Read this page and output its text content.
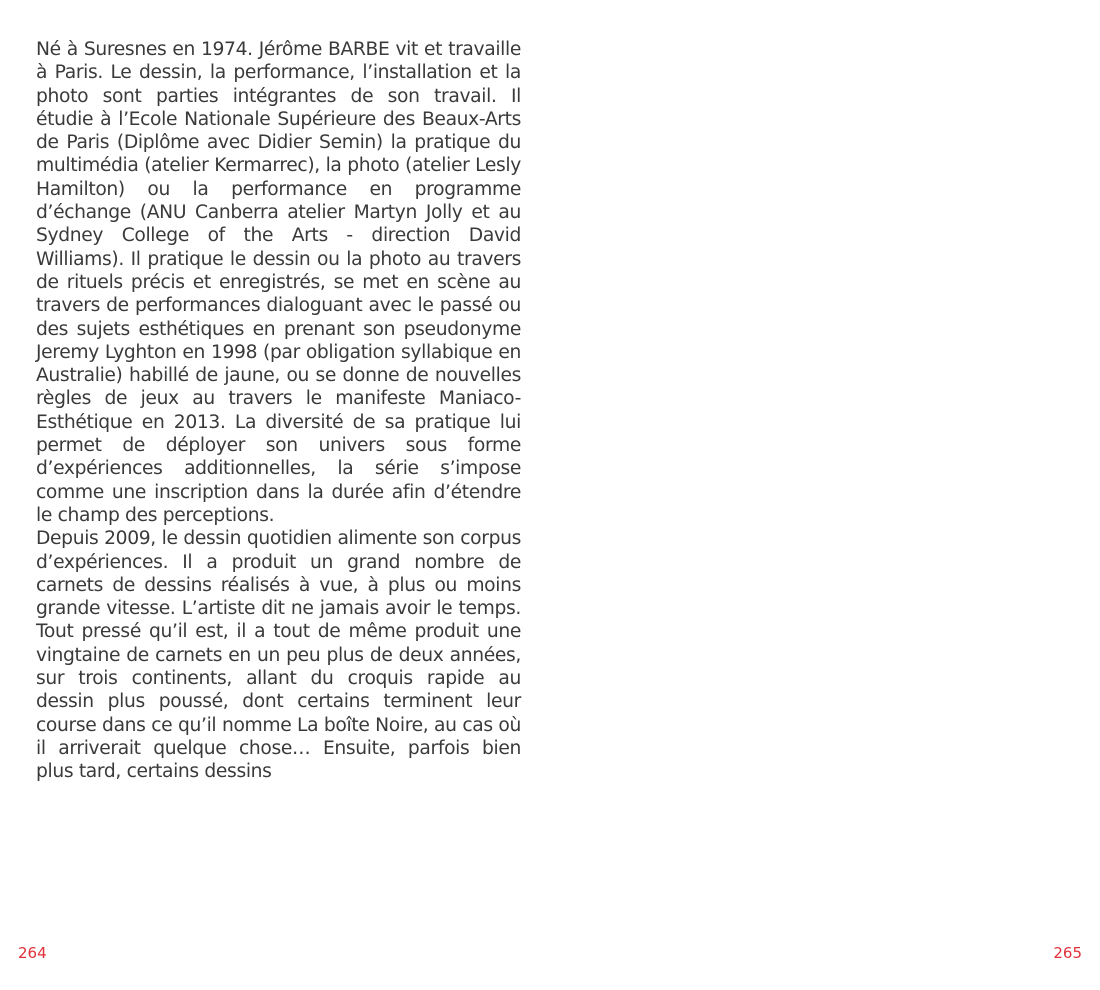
Né à Suresnes en 1974. Jérôme BARBE vit et travaille à Paris. Le dessin, la performance, l’installation et la photo sont parties intégrantes de son travail. Il étudie à l’Ecole Nationale Supérieure des Beaux-Arts de Paris (Diplôme avec Didier Semin) la pratique du multimédia (atelier Kermarrec), la photo (atelier Lesly Hamilton) ou la performance en programme d’échange (ANU Canberra atelier Martyn Jolly et au Sydney College of the Arts - direction David Williams). Il pratique le dessin ou la photo au travers de rituels précis et enregistrés, se met en scène au travers de performances dialoguant avec le passé ou des sujets esthétiques en prenant son pseudonyme Jeremy Lyghton en 1998 (par obligation syllabique en Australie) habillé de jaune, ou se donne de nouvelles règles de jeux au travers le manifeste Maniaco-Esthétique en 2013. La diversité de sa pratique lui permet de déployer son univers sous forme d’expériences additionnelles, la série s’impose comme une inscription dans la durée afin d’étendre le champ des perceptions.

Depuis 2009, le dessin quotidien alimente son corpus d’expériences. Il a produit un grand nombre de carnets de dessins réalisés à vue, à plus ou moins grande vitesse. L’artiste dit ne jamais avoir le temps. Tout pressé qu’il est, il a tout de même produit une vingtaine de carnets en un peu plus de deux années, sur trois continents, allant du croquis rapide au dessin plus poussé, dont certains terminent leur course dans ce qu’il nomme La boîte Noire, au cas où il arriverait quelque chose… Ensuite, parfois bien plus tard, certains dessins

264	265
